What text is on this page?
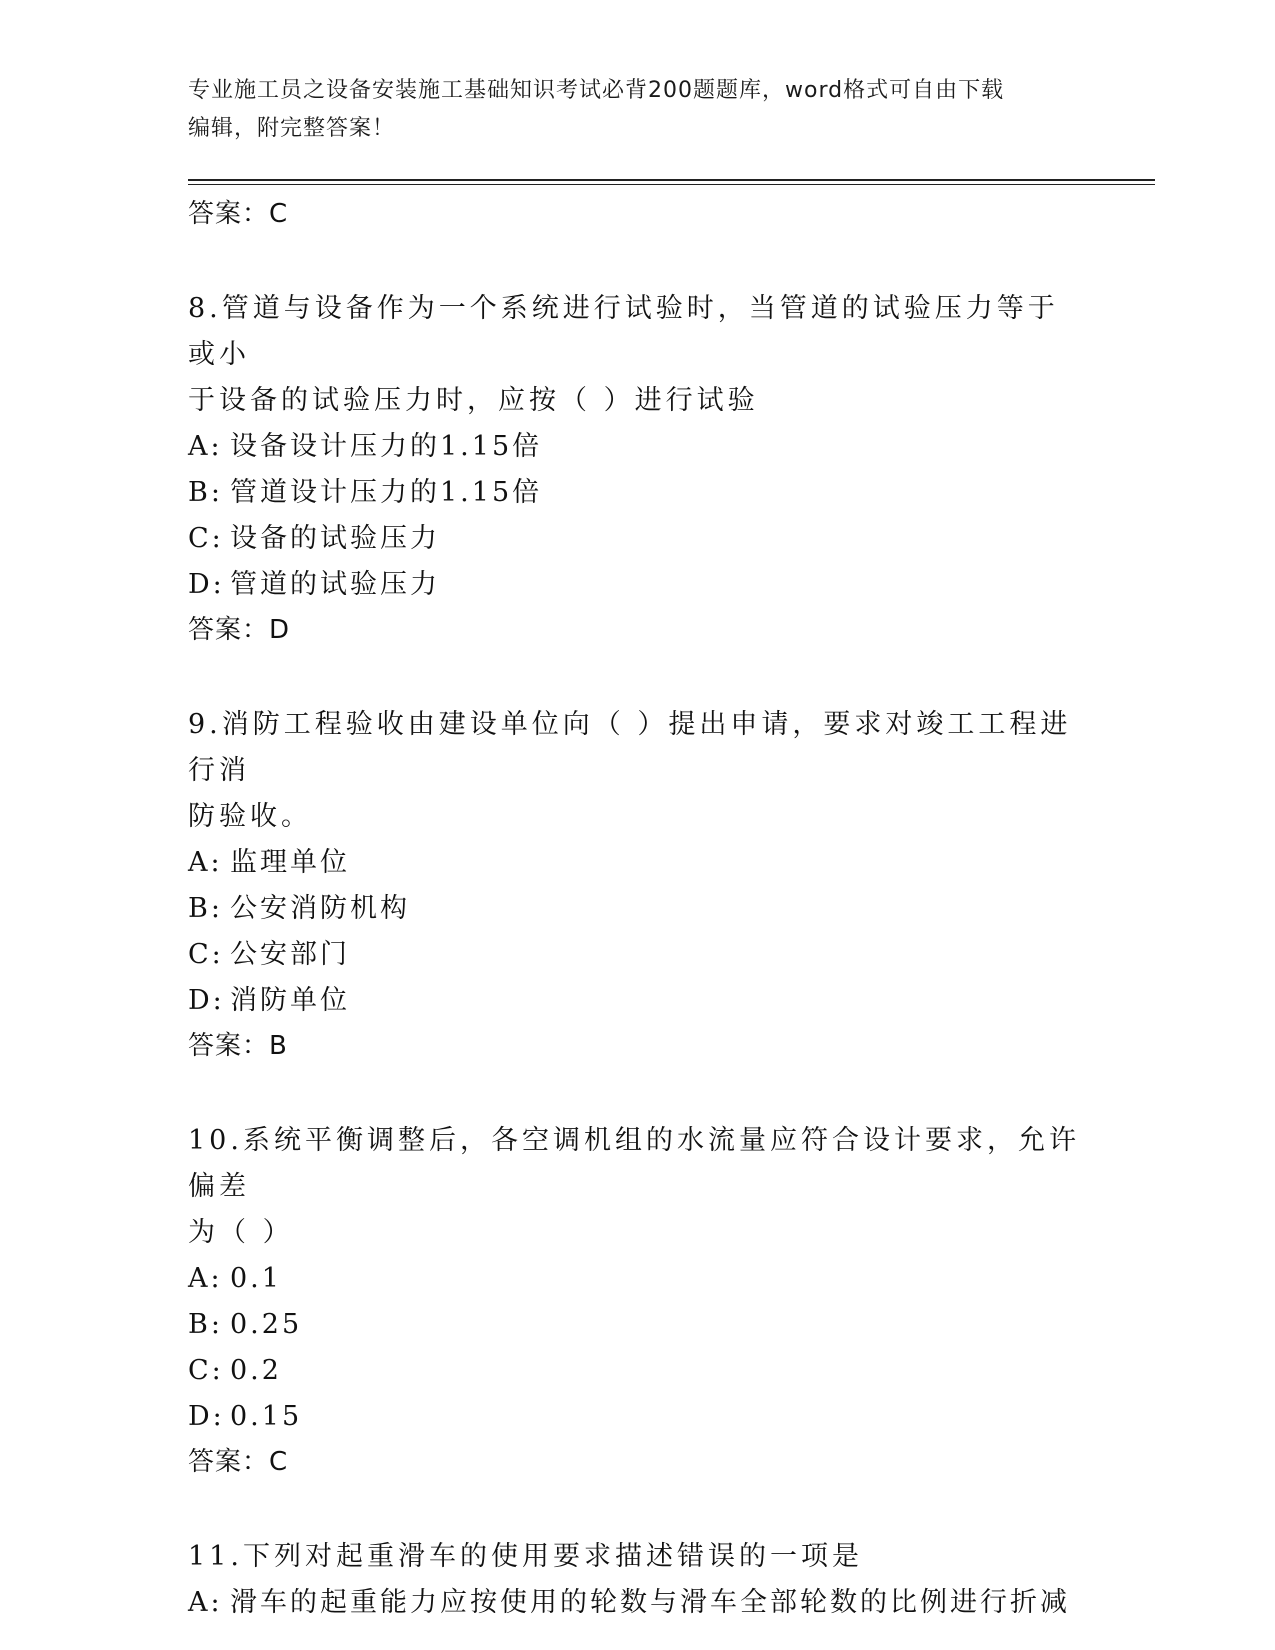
专业施工员之设备安装施工基础知识考试必背200题题库，word格式可自由下载
编辑，附完整答案！
答案：C
8.管道与设备作为一个系统进行试验时，当管道的试验压力等于或小
于设备的试验压力时，应按（ ）进行试验
A: 设备设计压力的1.15倍
B: 管道设计压力的1.15倍
C: 设备的试验压力
D: 管道的试验压力
答案：D
9.消防工程验收由建设单位向（ ）提出申请，要求对竣工工程进行消
防验收。
A: 监理单位
B: 公安消防机构
C: 公安部门
D: 消防单位
答案：B
10.系统平衡调整后，各空调机组的水流量应符合设计要求，允许偏差
为（ ）
A: 0.1
B: 0.25
C: 0.2
D: 0.15
答案：C
11.下列对起重滑车的使用要求描述错误的一项是
A: 滑车的起重能力应按使用的轮数与滑车全部轮数的比例进行折减
